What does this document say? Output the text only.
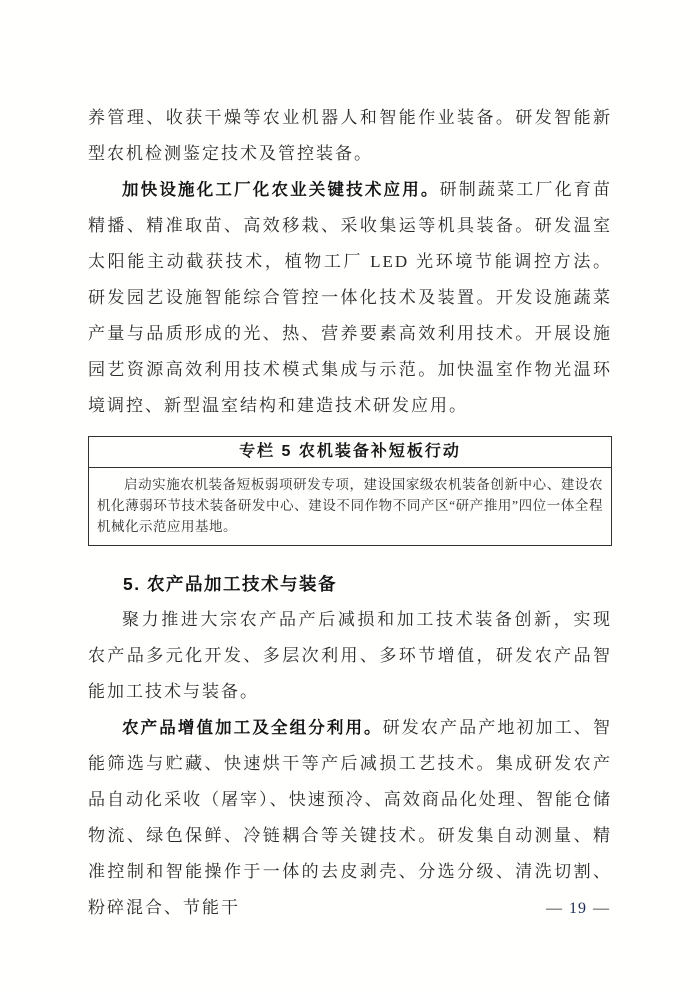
养管理、收获干燥等农业机器人和智能作业装备。研发智能新型农机检测鉴定技术及管控装备。

加快设施化工厂化农业关键技术应用。研制蔬菜工厂化育苗精播、精准取苗、高效移栽、采收集运等机具装备。研发温室太阳能主动截获技术，植物工厂 LED 光环境节能调控方法。研发园艺设施智能综合管控一体化技术及装置。开发设施蔬菜产量与品质形成的光、热、营养要素高效利用技术。开展设施园艺资源高效利用技术模式集成与示范。加快温室作物光温环境调控、新型温室结构和建造技术研发应用。

专栏 5 农机装备补短板行动

启动实施农机装备短板弱项研发专项，建设国家级农机装备创新中心、建设农机化薄弱环节技术装备研发中心、建设不同作物不同产区“研产推用”四位一体全程机械化示范应用基地。

5. 农产品加工技术与装备

聚力推进大宗农产品产后减损和加工技术装备创新，实现农产品多元化开发、多层次利用、多环节增值，研发农产品智能加工技术与装备。

农产品增值加工及全组分利用。研发农产品产地初加工、智能筛选与贮藏、快速烘干等产后减损工艺技术。集成研发农产品自动化采收（屠宰）、快速预冷、高效商品化处理、智能仓储物流、绿色保鲜、冷链耦合等关键技术。研发集自动测量、精准控制和智能操作于一体的去皮剥壳、分选分级、清洗切割、粉碎混合、节能干	— 19 —
